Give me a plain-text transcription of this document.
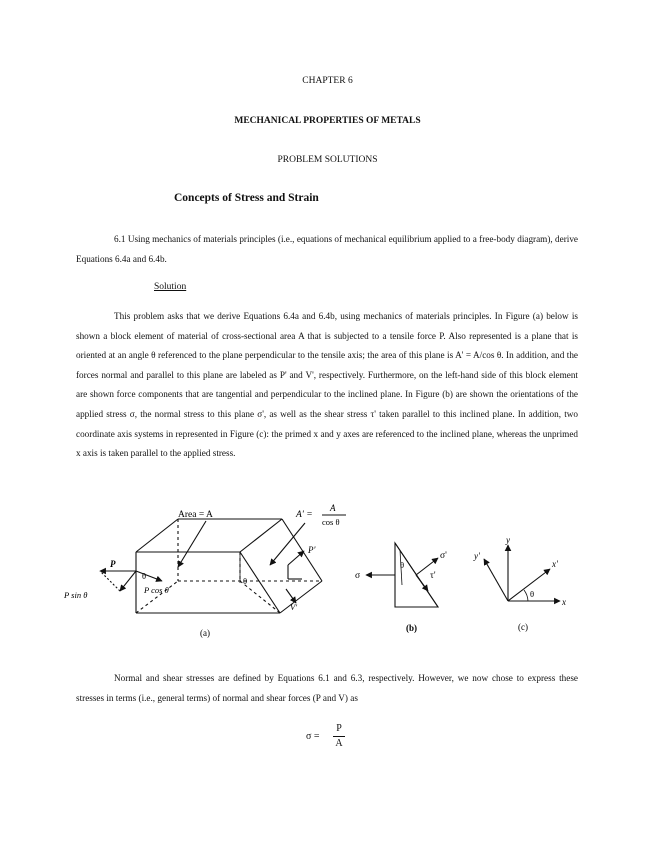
CHAPTER 6
MECHANICAL PROPERTIES OF METALS
PROBLEM SOLUTIONS
Concepts of Stress and Strain
6.1 Using mechanics of materials principles (i.e., equations of mechanical equilibrium applied to a free-body diagram), derive Equations 6.4a and 6.4b.
Solution
This problem asks that we derive Equations 6.4a and 6.4b, using mechanics of materials principles. In Figure (a) below is shown a block element of material of cross-sectional area A that is subjected to a tensile force P. Also represented is a plane that is oriented at an angle θ referenced to the plane perpendicular to the tensile axis; the area of this plane is A' = A/cos θ. In addition, and the forces normal and parallel to this plane are labeled as P' and V', respectively. Furthermore, on the left-hand side of this block element are shown force components that are tangential and perpendicular to the inclined plane. In Figure (b) are shown the orientations of the applied stress σ, the normal stress to this plane σ', as well as the shear stress τ' taken parallel to this inclined plane. In addition, two coordinate axis systems in represented in Figure (c): the primed x and y axes are referenced to the inclined plane, whereas the unprimed x axis is taken parallel to the applied stress.
P
P sin θ	P cos θ
θ
Area = A	A' =
A
cos θ
θ
P'
V'
(a)
σ
σ'
τ'
θ
(b)
y
x
y'
x'
θ
(c)
Normal and shear stresses are defined by Equations 6.1 and 6.3, respectively. However, we now chose to express these stresses in terms (i.e., general terms) of normal and shear forces (P and V) as
σ =
P
A
